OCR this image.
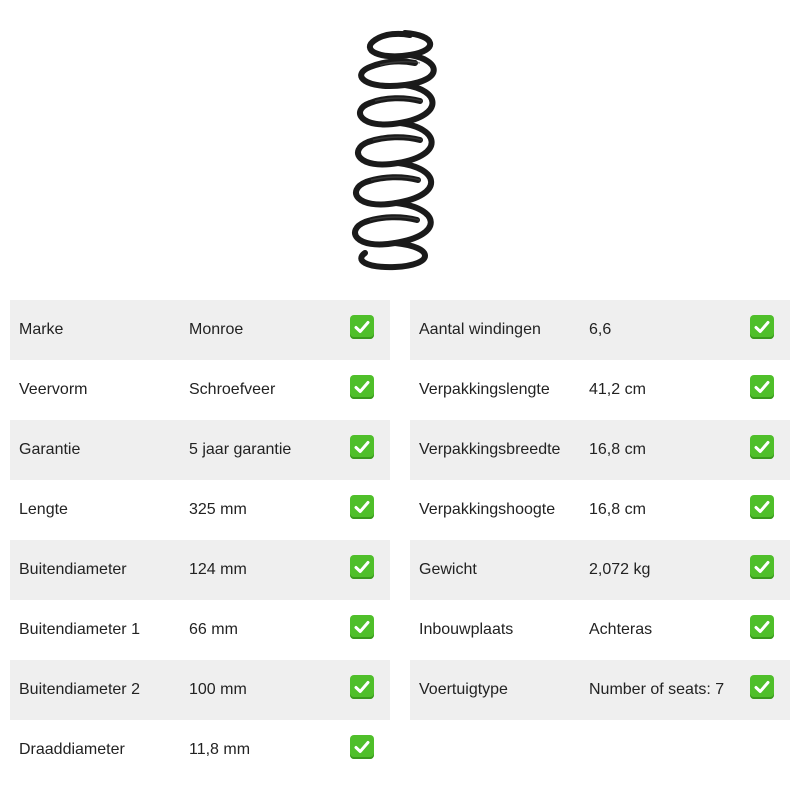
Marke	Monroe
Veervorm	Schroefveer
Garantie	5 jaar garantie
Lengte	325 mm
Buitendiameter	124 mm
Buitendiameter 1	66 mm
Buitendiameter 2	100 mm
Draaddiameter	11,8 mm
Aantal windingen	6,6
Verpakkingslengte 41,2 cm
Verpakkingsbreedte 16,8 cm
Verpakkingshoogte 16,8 cm
Gewicht	2,072 kg
Inbouwplaats	Achteras
Voertuigtype	Number of seats: 7
